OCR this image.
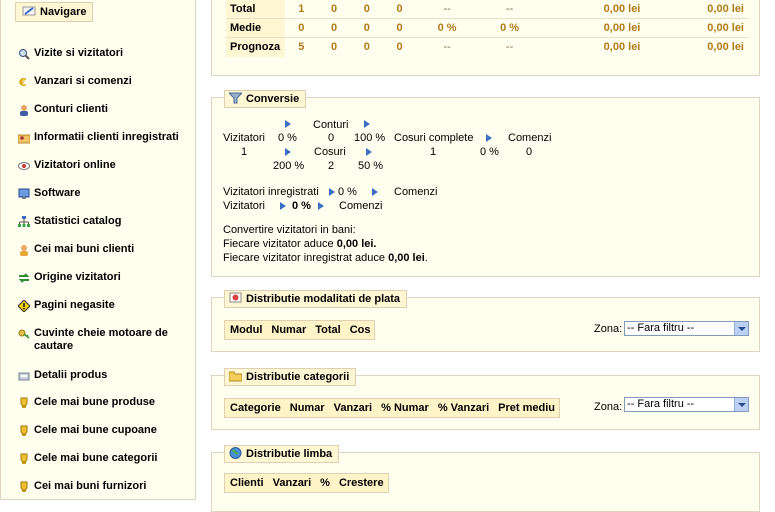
Navigare
Vizite si vizitatori
€ Vanzari si comenzi
Conturi clienti
Informatii clienti inregistrati
Vizitatori online
Software
Statistici catalog
Cei mai buni clienti
Origine vizitatori
Pagini negasite
Cuvinte cheie motoare de cautare
Detalii produs
Cele mai bune produse
Cele mai bune cupoane
Cele mai bune categorii
Cei mai buni furnizori
Total	1	0	0	0	--	--	0,00 lei	0,00 lei
Medie	0	0	0	0	0 %	0 %	0,00 lei	0,00 lei
Prognoza	5	0	0	0	--	--	0,00 lei	0,00 lei
Conversie
Vizitatori
1
0 %
Conturi
0 100 % Cosuri complete
1	0 %
Comenzi
0
200 %
Cosuri
2 50 %
Vizitatori inregistrati 0 %	Comenzi
Vizitatori 0 %	Comenzi
Convertire vizitatori in bani:
Fiecare vizitator aduce 0,00 lei.
Fiecare vizitator inregistrat aduce 0,00 lei.
Distributie modalitati de plata
Modul Numar Total Cos	Zona: -- Fara filtru --
Distributie categorii
Categorie Numar Vanzari % Numar % Vanzari Pret mediu	Zona: -- Fara filtru --
Distributie limba
Clienti Vanzari % Crestere
